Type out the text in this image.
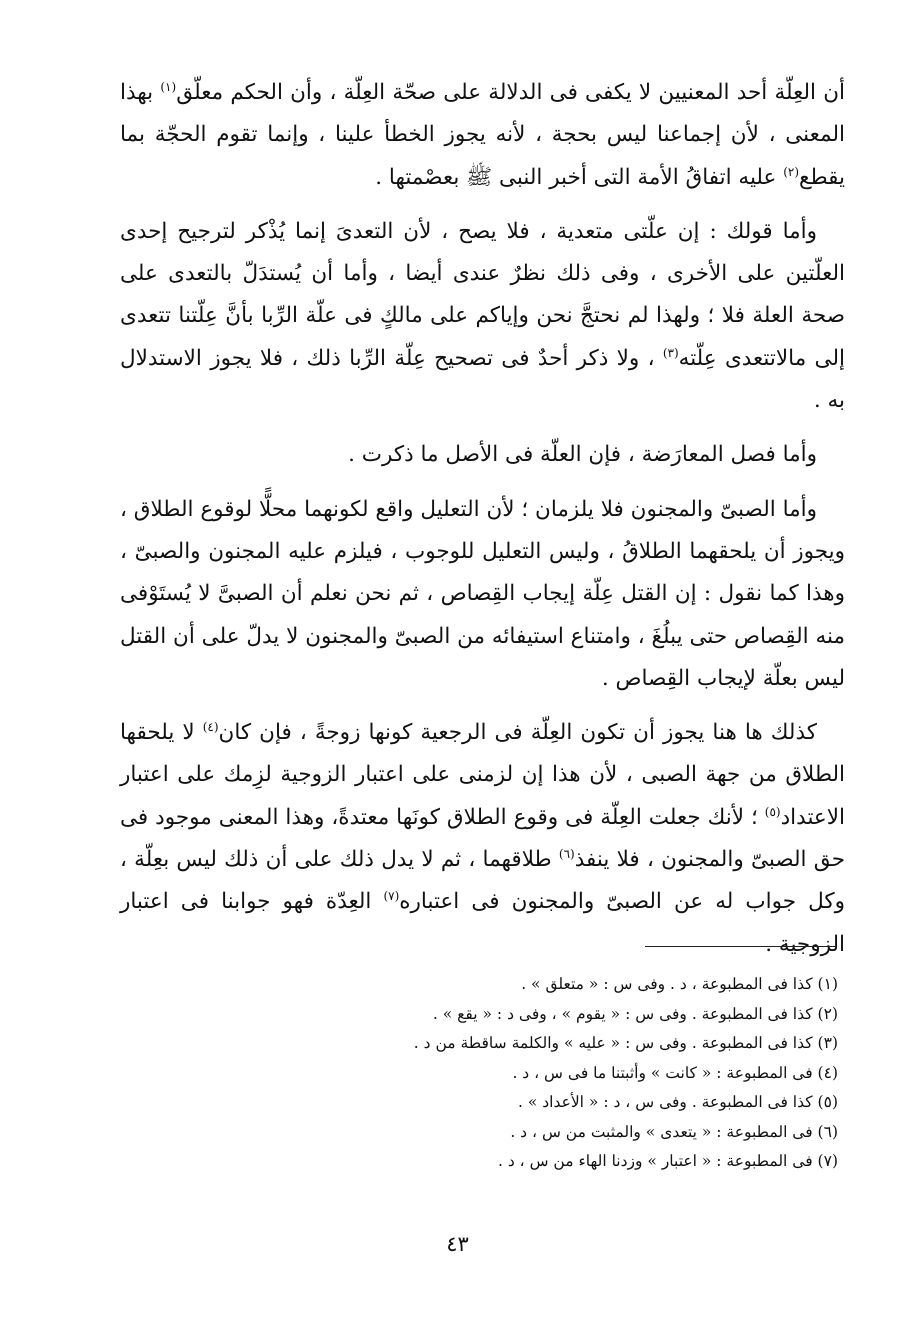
أن العِلّة أحد المعنيين لا يكفى فى الدلالة على صحّة العِلّة ، وأن الحكم معلّق$^{(١)}$ بهذا المعنى ، لأن إجماعنا ليس بحجة ، لأنه يجوز الخطأ علينا ، وإنما تقوم الحجّة بما يقطع$^{(٢)}$ عليه اتفاقُ الأمة التى أخبر النبى ﷺ بعصْمتها .

وأما قولك : إن علّتى متعدية ، فلا يصح ، لأن التعدىَ إنما يُذْكر لترجيح إحدى العلّتين على الأخرى ، وفى ذلك نظرٌ عندى أيضا ، وأما أن يُستدَلّ بالتعدى على صحة العلة فلا ؛ ولهذا لم نحتجَّ نحن وإياكم على مالكٍ فى علّة الرِّبا بأنَّ عِلّتنا تتعدى إلى مالاتتعدى عِلّته$^{(٣)}$ ، ولا ذكر أحدٌ فى تصحيح عِلّة الرِّبا ذلك ، فلا يجوز الاستدلال به .

وأما فصل المعارَضة ، فإن العلّة فى الأصل ما ذكرت .

وأما الصبىّ والمجنون فلا يلزمان ؛ لأن التعليل واقع لكونهما محلًّا لوقوع الطلاق ، ويجوز أن يلحقهما الطلاقُ ، وليس التعليل للوجوب ، فيلزم عليه المجنون والصبىّ ، وهذا كما نقول : إن القتل عِلّة إيجاب القِصاص ، ثم نحن نعلم أن الصبىَّ لا يُستَوْفى منه القِصاص حتى يبلُغَ ، وامتناع استيفائه من الصبىّ والمجنون لا يدلّ على أن القتل ليس بعلّة لإيجاب القِصاص .

كذلك ها هنا يجوز أن تكون العِلّة فى الرجعية كونها زوجةً ، فإن كان$^{(٤)}$ لا يلحقها الطلاق من جهة الصبى ، لأن هذا إن لزمنى على اعتبار الزوجية لزِمك على اعتبار الاعتداد$^{(٥)}$ ؛ لأنك جعلت العِلّة فى وقوع الطلاق كونَها معتدةً، وهذا المعنى موجود فى حق الصبىّ والمجنون ، فلا ينفذ$^{(٦)}$ طلاقهما ، ثم لا يدل ذلك على أن ذلك ليس بعِلّة ، وكل جواب له عن الصبىّ والمجنون فى اعتباره$^{(٧)}$ العِدّة فهو جوابنا فى اعتبار الزوجية .

(١) كذا فى المطبوعة ، د . وفى س : « متعلق » .
(٢) كذا فى المطبوعة . وفى س : « يقوم » ، وفى د : « يقع » .
(٣) كذا فى المطبوعة . وفى س : « عليه » والكلمة ساقطة من د .
(٤) فى المطبوعة : « كانت » وأثبتنا ما فى س ، د .
(٥) كذا فى المطبوعة . وفى س ، د : « الأعداد » .
(٦) فى المطبوعة : « يتعدى » والمثبت من س ، د .
(٧) فى المطبوعة : « اعتبار » وزدنا الهاء من س ، د .
٤٣
